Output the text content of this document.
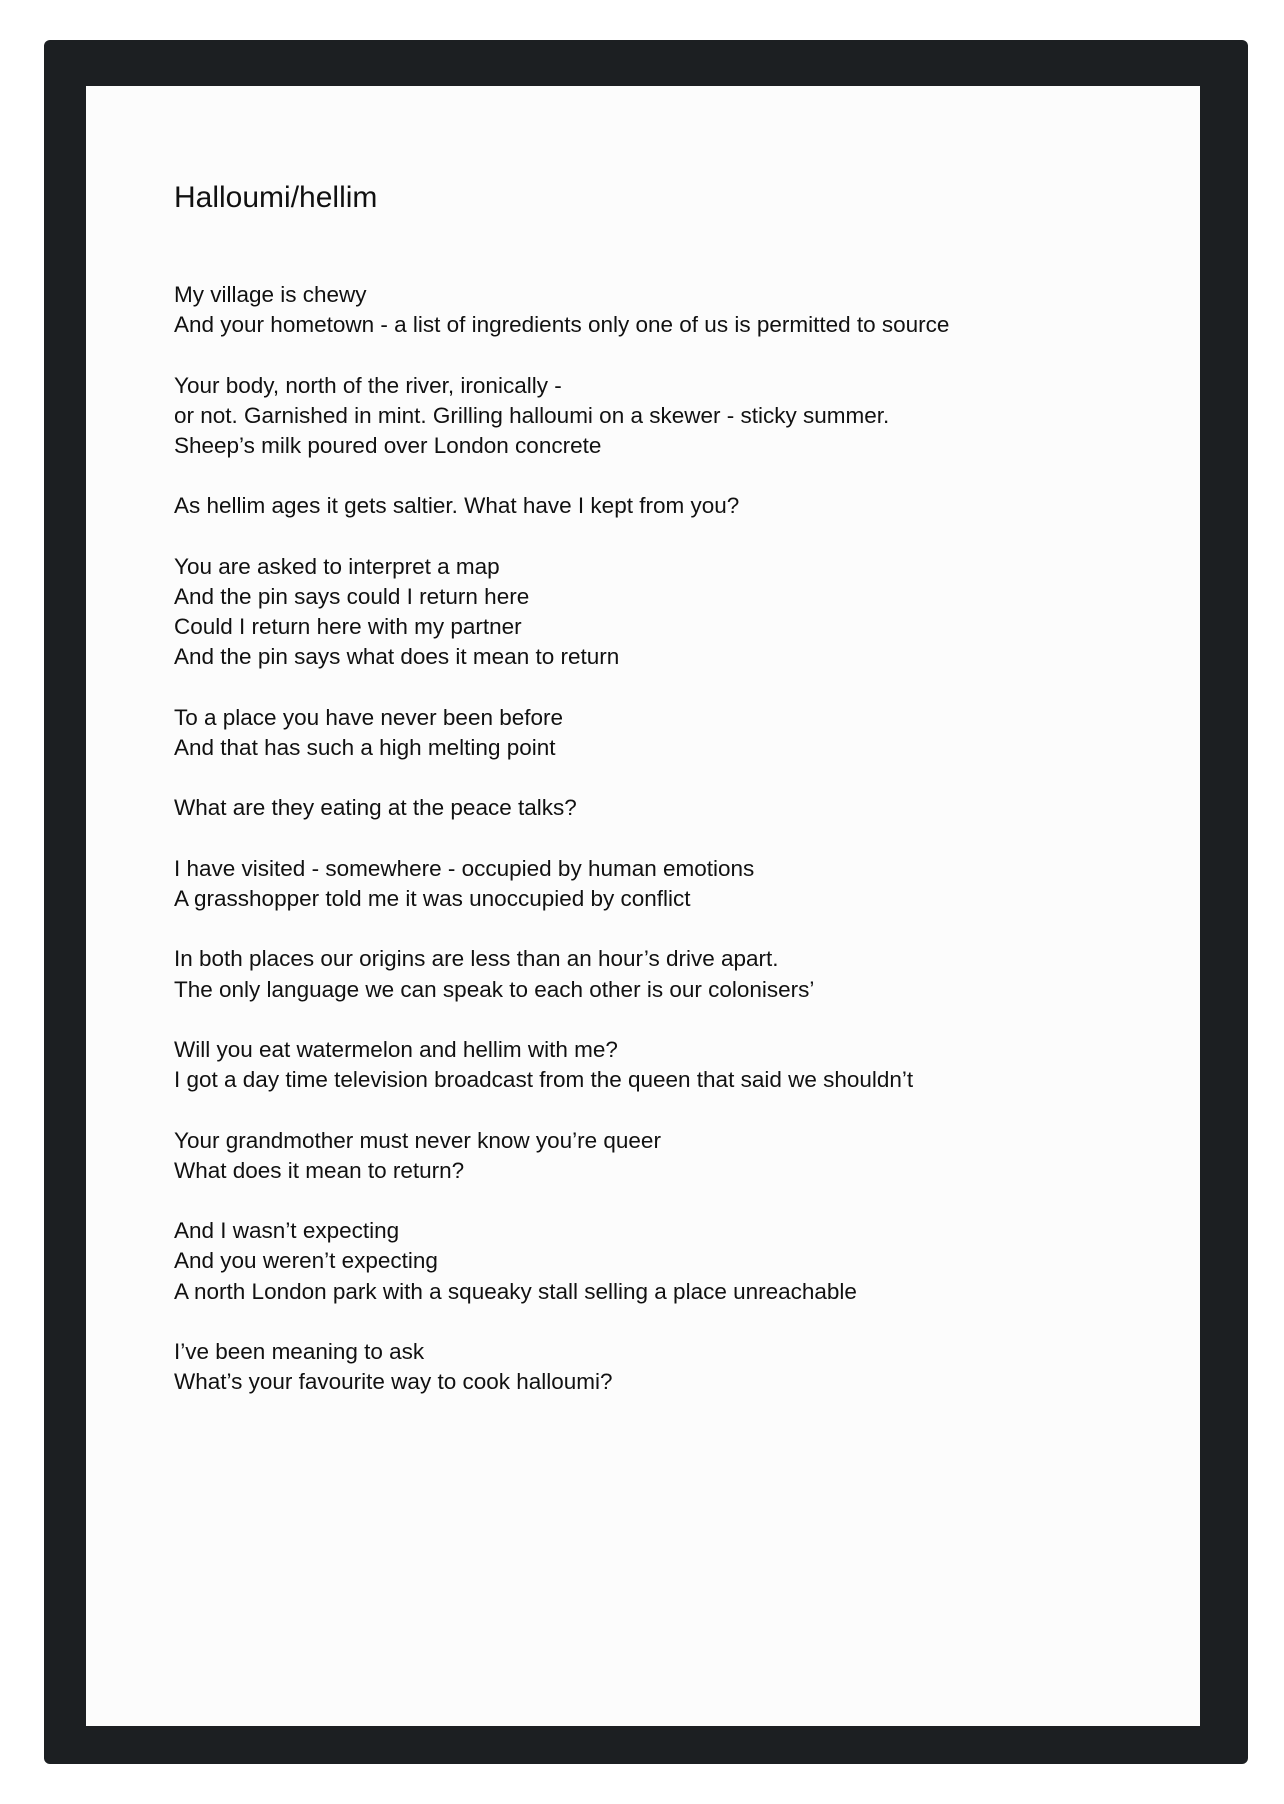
Halloumi/hellim
My village is chewy
And your hometown - a list of ingredients only one of us is permitted to source
Your body, north of the river, ironically -
or not. Garnished in mint. Grilling halloumi on a skewer - sticky summer.
Sheep’s milk poured over London concrete
As hellim ages it gets saltier. What have I kept from you?
You are asked to interpret a map
And the pin says could I return here
Could I return here with my partner
And the pin says what does it mean to return
To a place you have never been before
And that has such a high melting point
What are they eating at the peace talks?
I have visited - somewhere - occupied by human emotions
A grasshopper told me it was unoccupied by conflict
In both places our origins are less than an hour’s drive apart.
The only language we can speak to each other is our colonisers’
Will you eat watermelon and hellim with me?
I got a day time television broadcast from the queen that said we shouldn’t
Your grandmother must never know you’re queer
What does it mean to return?
And I wasn’t expecting
And you weren’t expecting
A north London park with a squeaky stall selling a place unreachable
I’ve been meaning to ask
What’s your favourite way to cook halloumi?
